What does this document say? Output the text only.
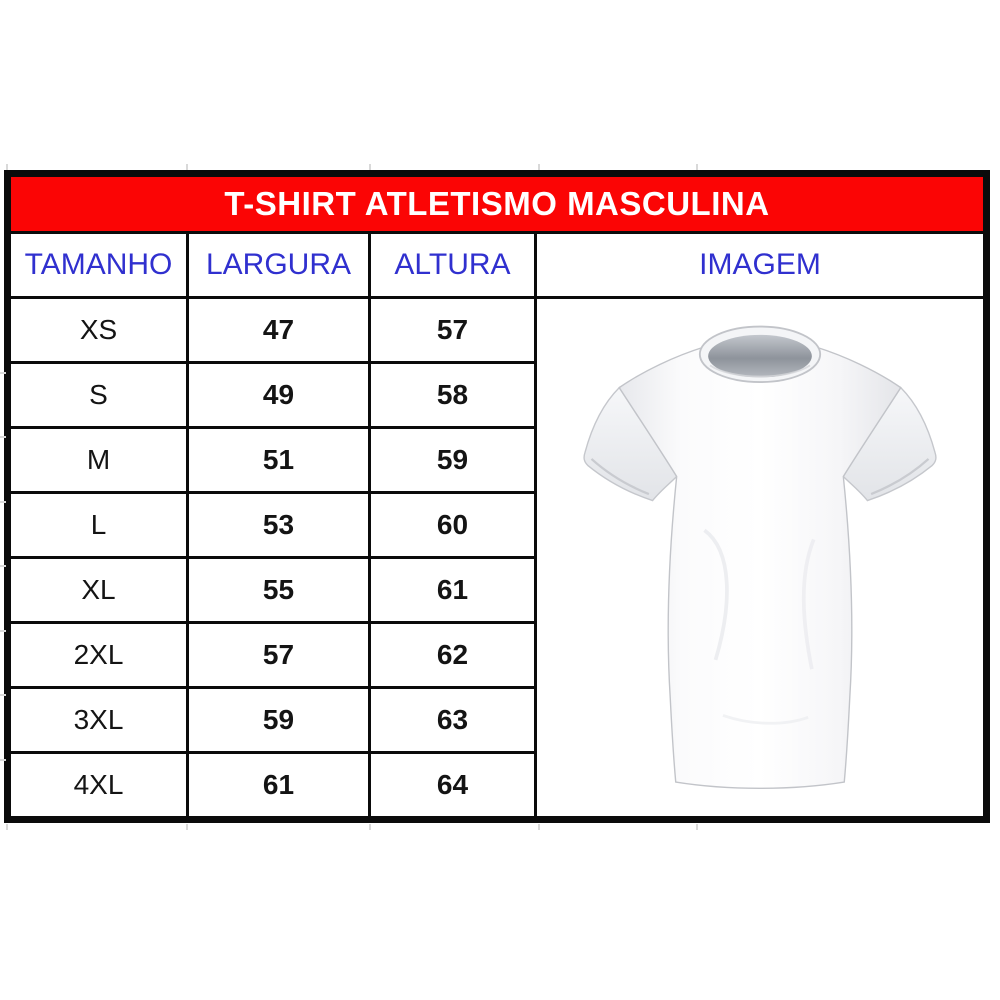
T-SHIRT ATLETISMO MASCULINA			
TAMANHO	LARGURA	ALTURA	IMAGEM
XS	47	57	

S	49	58	
M	51	59	
L	53	60	
XL	55	61	
2XL	57	62	
3XL	59	63	
4XL	61	64	
